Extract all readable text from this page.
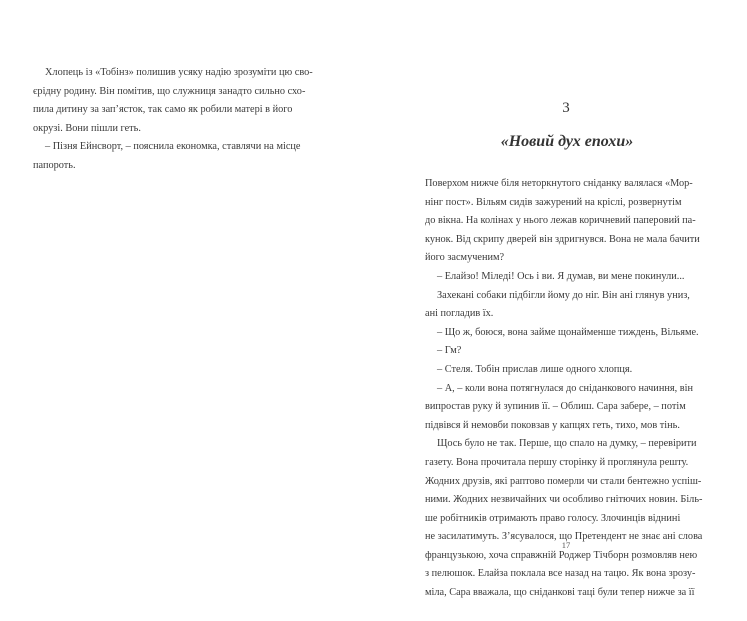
Хлопець із «Тобінз» полишив усяку надію зрозуміти цю сво-
єрідну родину. Він помітив, що служниця занадто сильно схо-
пила дитину за зап’ясток, так само як робили матері в його
окрузі. Вони пішли геть.
– Пізня Ейнсворт, – пояснила економка, ставлячи на місце
папороть.
3
«Новий дух епохи»
Поверхом нижче біля неторкнутого сніданку валялася «Мор-
нінг пост». Вільям сидів зажурений на кріслі, розвернутім
до вікна. На колінах у нього лежав коричневий паперовий па-
кунок. Від скрипу дверей він здригнувся. Вона не мала бачити
його засмученим?
– Елайзо! Міледі! Ось і ви. Я думав, ви мене покинули...
Захекані собаки підбігли йому до ніг. Він ані глянув униз,
ані погладив їх.
– Що ж, боюся, вона займе щонайменше тиждень, Вільяме.
– Гм?
– Стеля. Тобін прислав лише одного хлопця.
– А, – коли вона потягнулася до сніданкового начиння, він
випростав руку й зупинив її. – Облиш. Сара забере, – потім
підвівся й немовби поковзав у капцях геть, тихо, мов тінь.
Щось було не так. Перше, що спало на думку, – перевірити
газету. Вона прочитала першу сторінку й проглянула решту.
Жодних друзів, які раптово померли чи стали бентежно успіш-
ними. Жодних незвичайних чи особливо гнітючих новин. Біль-
ше робітників отримають право голосу. Злочинців віднині
не засилатимуть. З’ясувалося, що Претендент не знає ані слова
французькою, хоча справжній Роджер Тічборн розмовляв нею
з пелюшок. Елайза поклала все назад на тацю. Як вона зрозу-
міла, Сара вважала, що сніданкові таці були тепер нижче за її
17
